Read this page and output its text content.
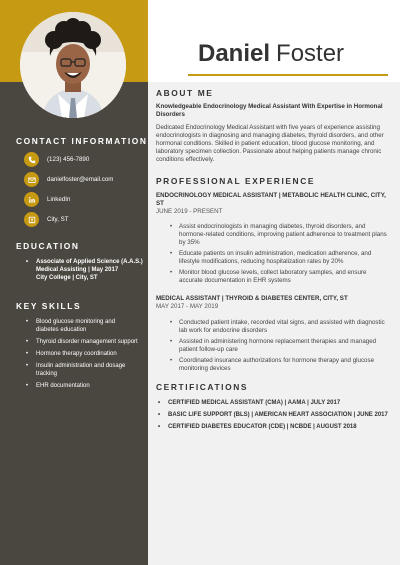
CONTACT INFORMATION
(123) 456-7890
danielfoster@email.com
LinkedIn
City, ST
EDUCATION
• Associate of Applied Science (A.A.S.) Medical Assisting | May 2017
City College | City, ST
KEY SKILLS
• Blood glucose monitoring and diabetes education
• Thyroid disorder management support
• Hormone therapy coordination
• Insulin administration and dosage tracking
• EHR documentation
Daniel Foster
ABOUT ME
Knowledgeable Endocrinology Medical Assistant With Expertise in Hormonal Disorders
Dedicated Endocrinology Medical Assistant with five years of experience assisting endocrinologists in diagnosing and managing diabetes, thyroid disorders, and other hormonal conditions. Skilled in patient education, blood glucose monitoring, and laboratory specimen collection. Passionate about helping patients manage chronic conditions effectively.
PROFESSIONAL EXPERIENCE
ENDOCRINOLOGY MEDICAL ASSISTANT | METABOLIC HEALTH CLINIC, CITY, ST
JUNE 2019 - PRESENT
• Assist endocrinologists in managing diabetes, thyroid disorders, and hormone-related conditions, improving patient adherence to treatment plans by 35%
• Educate patients on insulin administration, medication adherence, and lifestyle modifications, reducing hospitalization rates by 20%
• Monitor blood glucose levels, collect laboratory samples, and ensure accurate documentation in EHR systems
MEDICAL ASSISTANT | THYROID & DIABETES CENTER, CITY, ST
MAY 2017 - MAY 2019
• Conducted patient intake, recorded vital signs, and assisted with diagnostic lab work for endocrine disorders
• Assisted in administering hormone replacement therapies and managed patient follow-up care
• Coordinated insurance authorizations for hormone therapy and glucose monitoring devices
CERTIFICATIONS
• CERTIFIED MEDICAL ASSISTANT (CMA) | AAMA | JULY 2017
• BASIC LIFE SUPPORT (BLS) | AMERICAN HEART ASSOCIATION | JUNE 2017
• CERTIFIED DIABETES EDUCATOR (CDE) | NCBDE | AUGUST 2018
